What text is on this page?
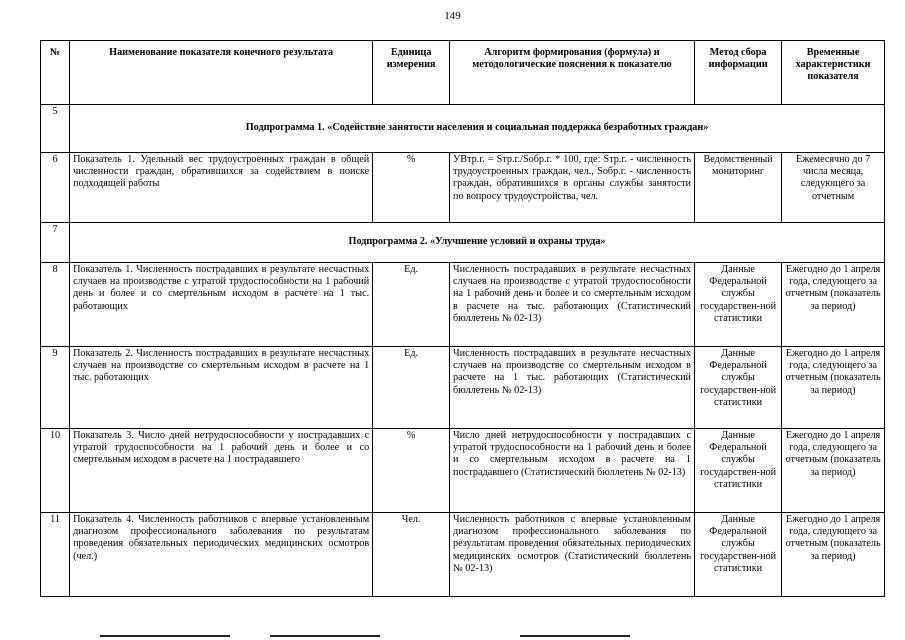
149
№	Наименование показателя конечного результата	Единица измерения	Алгоритм формирования (формула) и методологические пояснения к показателю	Метод сбора информации	Временные характеристики показателя
5	Подпрограмма 1. «Содействие занятости населения и социальная поддержка безработных граждан»				
6	Показатель 1. Удельный вес трудоустроенных граждан в общей численности граждан, обратившихся за содействием в поиске подходящей работы	%	УВтр.г. = Sтр.г./Sобр.г. * 100, где: Sтр.г. - численность трудоустроенных граждан, чел., Sобр.г. - численность граждан, обратившихся в органы службы занятости по вопросу трудоустройства, чел.	Ведомственный мониторинг	Ежемесячно до 7 числа месяца, следующего за отчетным
7	Подпрограмма 2. «Улучшение условий и охраны труда»				
8	Показатель 1. Численность пострадавших в результате несчастных случаев на производстве с утратой трудоспособности на 1 рабочий день и более и со смертельным исходом в расчете на 1 тыс. работающих	Ед.	Численность пострадавших в результате несчастных случаев на производстве с утратой трудоспособности на 1 рабочий день и более и со смертельным исходом в расчете на тыс. работающих (Статистический бюллетень № 02-13)	Данные Федеральной службы государствен-ной статистики	Ежегодно до 1 апреля года, следующего за отчетным (показатель за период)
9	Показатель 2. Численность пострадавших в результате несчастных случаев на производстве со смертельным исходом в расчете на 1 тыс. работающих	Ед.	Численность пострадавших в результате несчастных случаев на производстве со смертельным исходом в расчете на 1 тыс. работающих (Статистический бюллетень № 02-13)	Данные Федеральной службы государствен-ной статистики	Ежегодно до 1 апреля года, следующего за отчетным (показатель за период)
10	Показатель 3. Число дней нетрудоспособности у пострадавших с утратой трудоспособности на 1 рабочий день и более и со смертельным исходом в расчете на 1 пострадавшего	%	Число дней нетрудоспособности у пострадавших с утратой трудоспособности на 1 рабочий день и более и со смертельным исходом в расчете на 1 пострадавшего (Статистический бюллетень № 02-13)	Данные Федеральной службы государствен-ной статистики	Ежегодно до 1 апреля года, следующего за отчетным (показатель за период)
11	Показатель 4. Численность работников с впервые установленным диагнозом профессионального заболевания по результатам проведения обязательных периодических медицинских осмотров (чел.)	Чел.	Численность работников с впервые установленным диагнозом профессионального заболевания по результатам проведения обязательных периодических медицинских осмотров (Статистический бюллетень № 02-13)	Данные Федеральной службы государствен-ной статистики	Ежегодно до 1 апреля года, следующего за отчетным (показатель за период)
